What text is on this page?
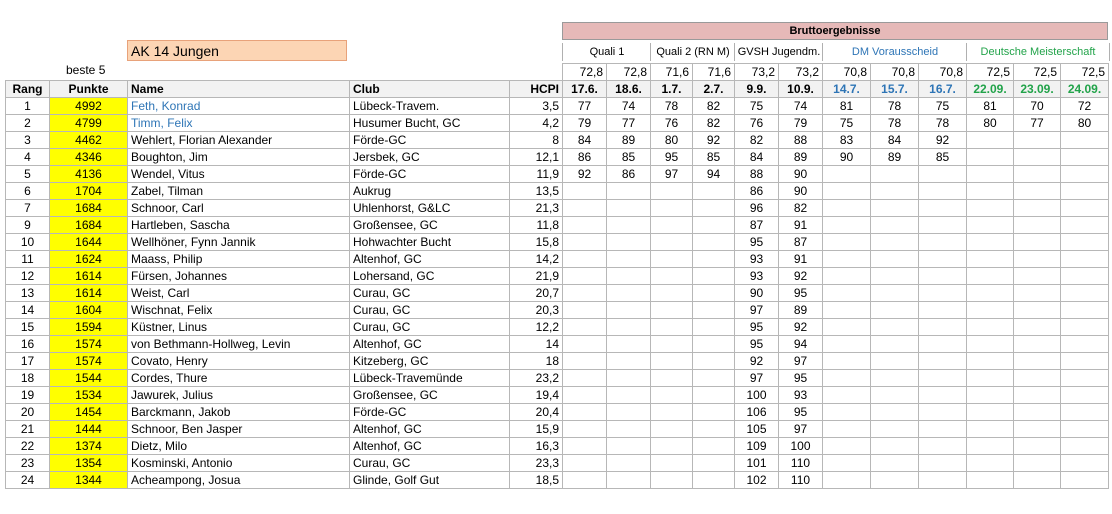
AK 14 Jungen
beste 5
Bruttoergebnisse
Quali 1	Quali 2 (RN M) GVSH Jugendm.	DM Vorausscheid	Deutsche Meisterschaft
					72,8	72,8	71,6	71,6	73,2	73,2	70,8	70,8	70,8	72,5	72,5	72,5
Rang	Punkte	Name	Club	HCPI	17.6.	18.6.	1.7.	2.7.	9.9.	10.9.	14.7.	15.7.	16.7.	22.09.	23.09.	24.09.
1	4992	Feth, Konrad	Lübeck-Travem.	3,5	77	74	78	82	75	74	81	78	75	81	70	72
2	4799	Timm, Felix	Husumer Bucht, GC	4,2	79	77	76	82	76	79	75	78	78	80	77	80
3	4462	Wehlert, Florian Alexander	Förde-GC	8	84	89	80	92	82	88	83	84	92			
4	4346	Boughton, Jim	Jersbek, GC	12,1	86	85	95	85	84	89	90	89	85			
5	4136	Wendel, Vitus	Förde-GC	11,9	92	86	97	94	88	90						
6	1704	Zabel, Tilman	Aukrug	13,5					86	90						
7	1684	Schnoor, Carl	Uhlenhorst, G&LC	21,3					96	82						
9	1684	Hartleben, Sascha	Großensee, GC	11,8					87	91						
10	1644	Wellhöner, Fynn Jannik	Hohwachter Bucht	15,8					95	87						
11	1624	Maass, Philip	Altenhof, GC	14,2					93	91						
12	1614	Fürsen, Johannes	Lohersand, GC	21,9					93	92						
13	1614	Weist, Carl	Curau, GC	20,7					90	95						
14	1604	Wischnat, Felix	Curau, GC	20,3					97	89						
15	1594	Küstner, Linus	Curau, GC	12,2					95	92						
16	1574	von Bethmann-Hollweg, Levin	Altenhof, GC	14					95	94						
17	1574	Covato, Henry	Kitzeberg, GC	18					92	97						
18	1544	Cordes, Thure	Lübeck-Travemünde	23,2					97	95						
19	1534	Jawurek, Julius	Großensee, GC	19,4					100	93						
20	1454	Barckmann, Jakob	Förde-GC	20,4					106	95						
21	1444	Schnoor, Ben Jasper	Altenhof, GC	15,9					105	97						
22	1374	Dietz, Milo	Altenhof, GC	16,3					109	100						
23	1354	Kosminski, Antonio	Curau, GC	23,3					101	110						
24	1344	Acheampong, Josua	Glinde, Golf Gut	18,5					102	110						
